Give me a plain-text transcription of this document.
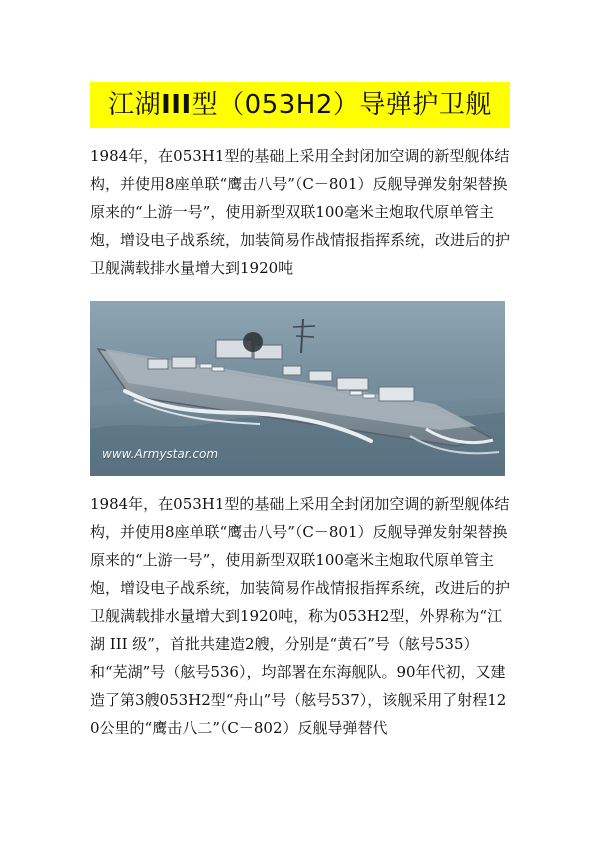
江湖III型（053H2）导弹护卫舰
1984年，在053H1型的基础上采用全封闭加空调的新型舰体结构，并使用8座单联“鹰击八号”（C－801）反舰导弹发射架替换原来的“上游一号”，使用新型双联100毫米主炮取代原单管主炮，增设电子战系统，加装简易作战情报指挥系统，改进后的护卫舰满载排水量增大到1920吨
www.Armystar.com
1984年，在053H1型的基础上采用全封闭加空调的新型舰体结构，并使用8座单联“鹰击八号”（C－801）反舰导弹发射架替换原来的“上游一号”，使用新型双联100毫米主炮取代原单管主炮，增设电子战系统，加装简易作战情报指挥系统，改进后的护卫舰满载排水量增大到1920吨，称为053H2型，外界称为“江湖 III 级”，首批共建造2艘，分别是“黄石”号（舷号535）和“芜湖”号（舷号536），均部署在东海舰队。90年代初，又建造了第3艘053H2型“舟山”号（舷号537），该舰采用了射程120公里的“鹰击八二”（C－802）反舰导弹替代
